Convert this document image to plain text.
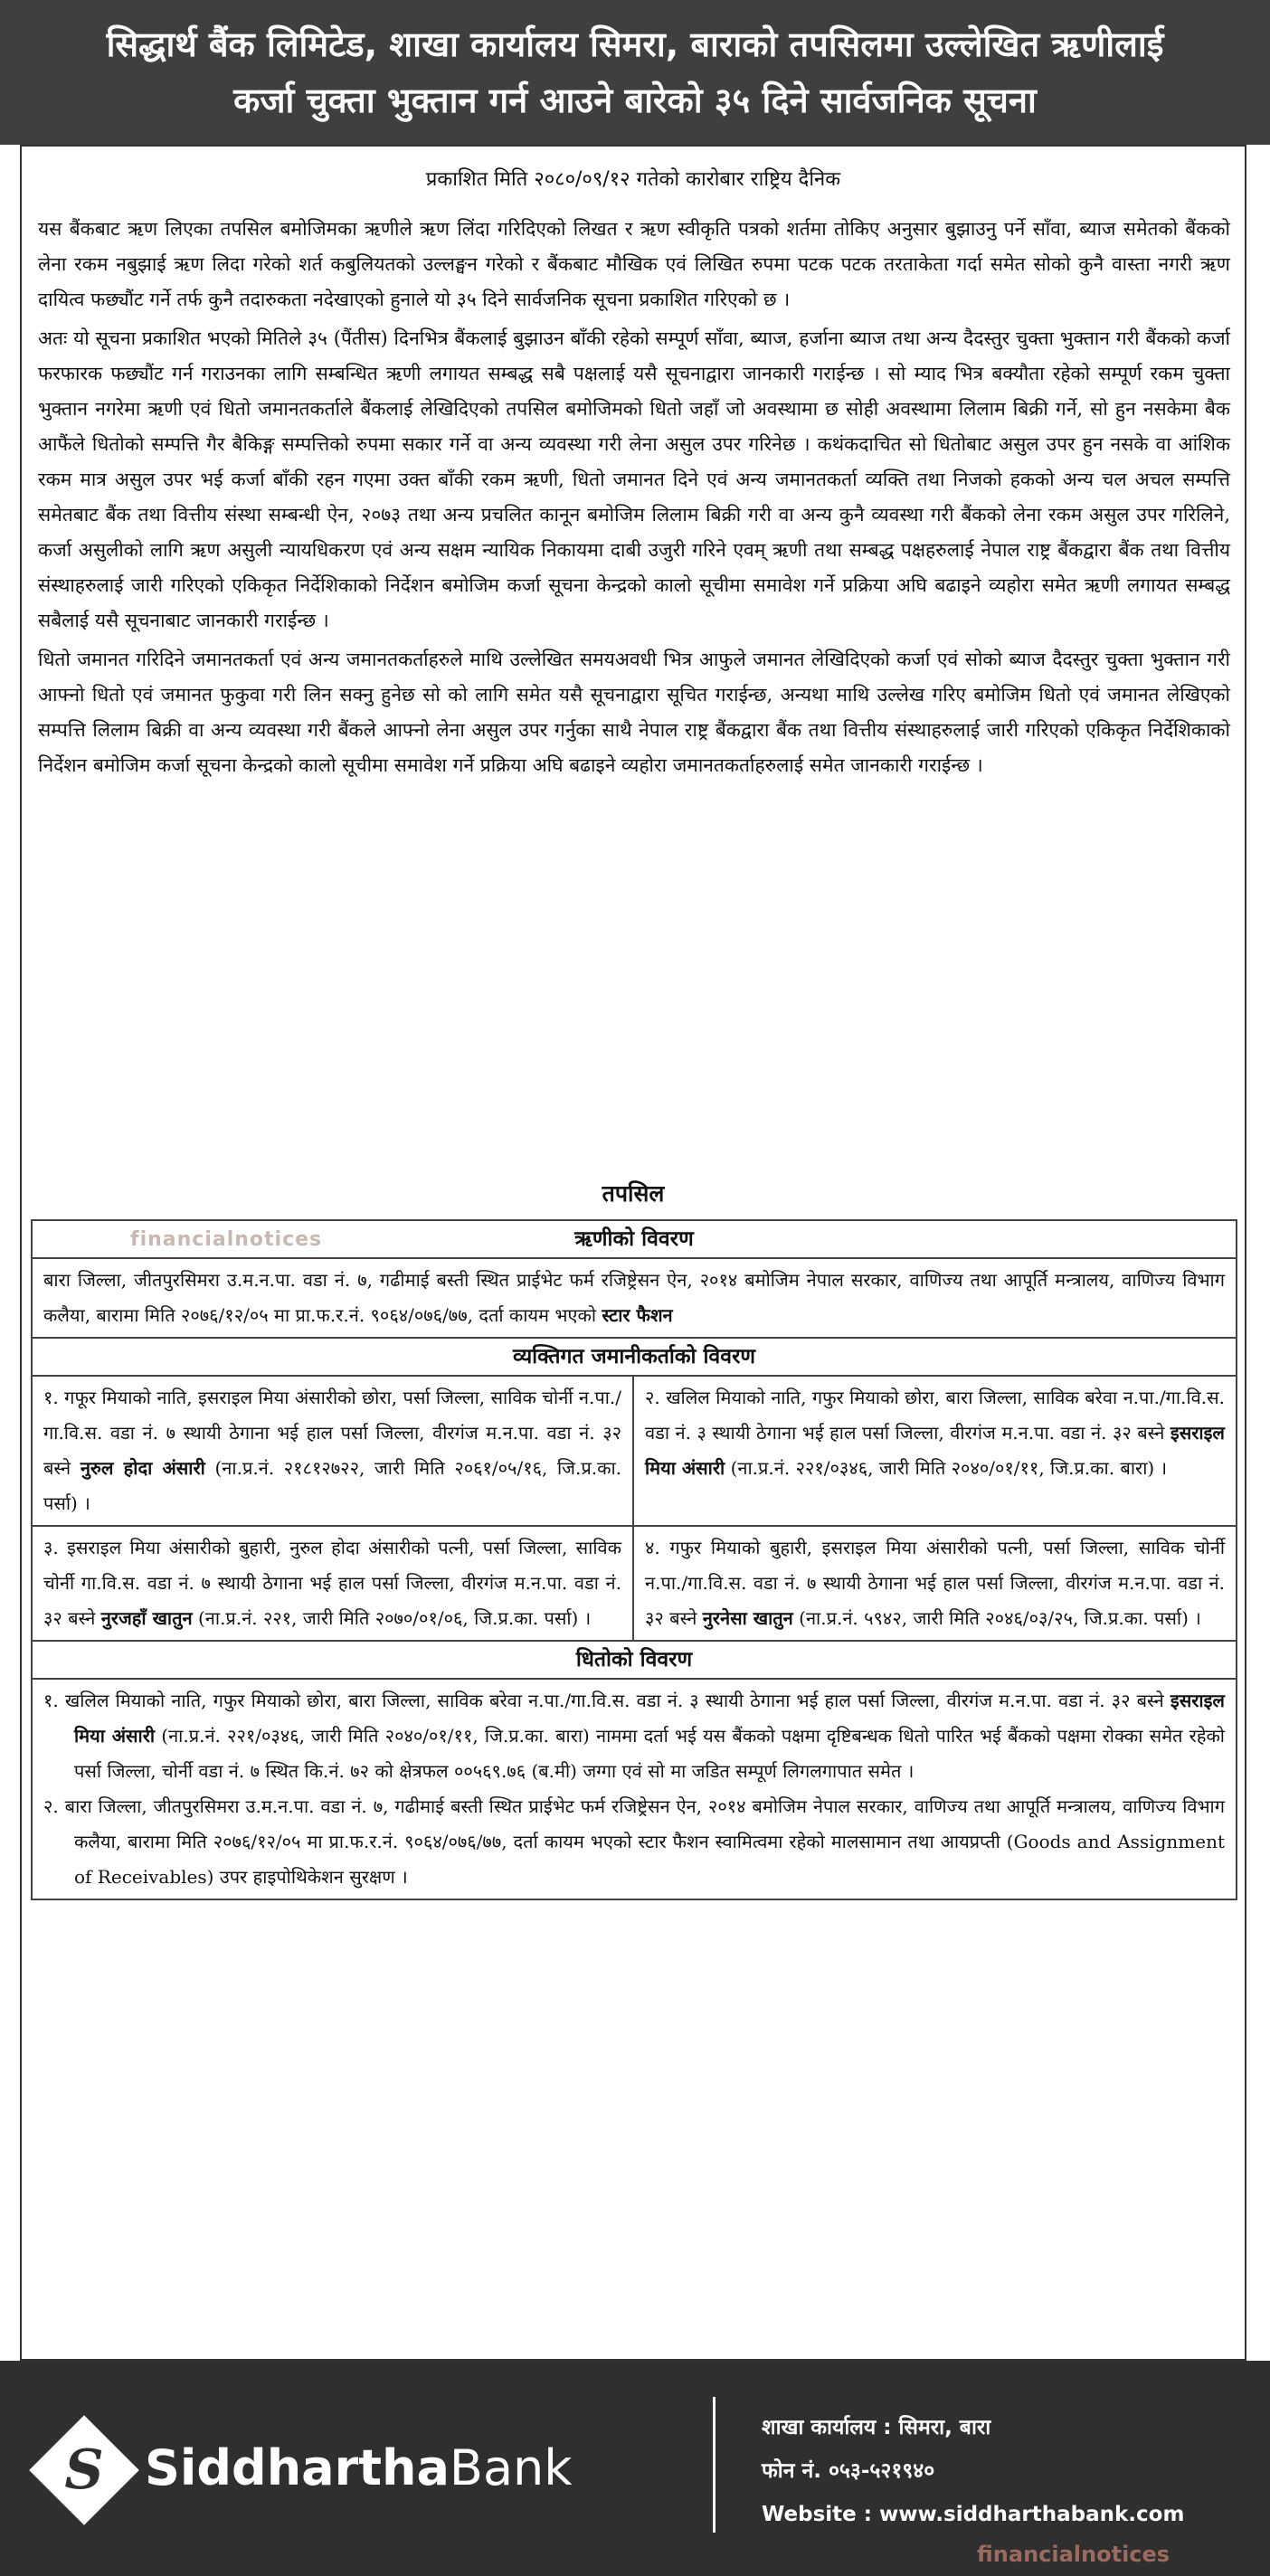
सिद्धार्थ बैंक लिमिटेड, शाखा कार्यालय सिमरा, बाराको तपसिलमा उल्लेखित ऋणीलाई
कर्जा चुक्ता भुक्तान गर्न आउने बारेको ३५ दिने सार्वजनिक सूचना
प्रकाशित मिति २०८०/०९/१२ गतेको कारोबार राष्ट्रिय दैनिक

यस बैंकबाट ऋण लिएका तपसिल बमोजिमका ऋणीले ऋण लिंदा गरिदिएको लिखत र ऋण स्वीकृति पत्रको शर्तमा तोकिए अनुसार बुझाउनु पर्ने साँवा, ब्याज समेतको बैंकको लेना रकम नबुझाई ऋण लिदा गरेको शर्त कबुलियतको उल्लङ्घन गरेको र बैंकबाट मौखिक एवं लिखित रुपमा पटक पटक तरताकेता गर्दा समेत सोको कुनै वास्ता नगरी ऋण दायित्व फछ्यौंट गर्ने तर्फ कुनै तदारुकता नदेखाएको हुनाले यो ३५ दिने सार्वजनिक सूचना प्रकाशित गरिएको छ ।

अतः यो सूचना प्रकाशित भएको मितिले ३५ (पैंतीस) दिनभित्र बैंकलाई बुझाउन बाँकी रहेको सम्पूर्ण साँवा, ब्याज, हर्जाना ब्याज तथा अन्य दैदस्तुर चुक्ता भुक्तान गरी बैंकको कर्जा फरफारक फछ्यौंट गर्न गराउनका लागि सम्बन्धित ऋणी लगायत सम्बद्ध सबै पक्षलाई यसै सूचनाद्वारा जानकारी गराईन्छ । सो म्याद भित्र बक्यौता रहेको सम्पूर्ण रकम चुक्ता भुक्तान नगरेमा ऋणी एवं धितो जमानतकर्ताले बैंकलाई लेखिदिएको तपसिल बमोजिमको धितो जहाँ जो अवस्थामा छ सोही अवस्थामा लिलाम बिक्री गर्ने, सो हुन नसकेमा बैक आफैंले धितोको सम्पत्ति गैर बैकिङ्ग सम्पत्तिको रुपमा सकार गर्ने वा अन्य व्यवस्था गरी लेना असुल उपर गरिनेछ । कथंकदाचित सो धितोबाट असुल उपर हुन नसके वा आंशिक रकम मात्र असुल उपर भई कर्जा बाँकी रहन गएमा उक्त बाँकी रकम ऋणी, धितो जमानत दिने एवं अन्य जमानतकर्ता व्यक्ति तथा निजको हकको अन्य चल अचल सम्पत्ति समेतबाट बैंक तथा वित्तीय संस्था सम्बन्धी ऐन, २०७३ तथा अन्य प्रचलित कानून बमोजिम लिलाम बिक्री गरी वा अन्य कुनै व्यवस्था गरी बैंकको लेना रकम असुल उपर गरिलिने, कर्जा असुलीको लागि ऋण असुली न्यायधिकरण एवं अन्य सक्षम न्यायिक निकायमा दाबी उजुरी गरिने एवम् ऋणी तथा सम्बद्ध पक्षहरुलाई नेपाल राष्ट्र बैंकद्वारा बैंक तथा वित्तीय संस्थाहरुलाई जारी गरिएको एकिकृत निर्देशिकाको निर्देशन बमोजिम कर्जा सूचना केन्द्रको कालो सूचीमा समावेश गर्ने प्रक्रिया अघि बढाइने व्यहोरा समेत ऋणी लगायत सम्बद्ध सबैलाई यसै सूचनाबाट जानकारी गराईन्छ ।

धितो जमानत गरिदिने जमानतकर्ता एवं अन्य जमानतकर्ताहरुले माथि उल्लेखित समयअवधी भित्र आफुले जमानत लेखिदिएको कर्जा एवं सोको ब्याज दैदस्तुर चुक्ता भुक्तान गरी आफ्नो धितो एवं जमानत फुकुवा गरी लिन सक्नु हुनेछ सो को लागि समेत यसै सूचनाद्वारा सूचित गराईन्छ, अन्यथा माथि उल्लेख गरिए बमोजिम धितो एवं जमानत लेखिएको सम्पत्ति लिलाम बिक्री वा अन्य व्यवस्था गरी बैंकले आफ्नो लेना असुल उपर गर्नुका साथै नेपाल राष्ट्र बैंकद्वारा बैंक तथा वित्तीय संस्थाहरुलाई जारी गरिएको एकिकृत निर्देशिकाको निर्देशन बमोजिम कर्जा सूचना केन्द्रको कालो सूचीमा समावेश गर्ने प्रक्रिया अघि बढाइने व्यहोरा जमानतकर्ताहरुलाई समेत जानकारी गराईन्छ ।

तपसिल
ऋणीको विवरण
बारा जिल्ला, जीतपुरसिमरा उ.म.न.पा. वडा नं. ७, गढीमाई बस्ती स्थित प्राईभेट फर्म रजिष्ट्रेसन ऐन, २०१४ बमोजिम नेपाल सरकार, वाणिज्य तथा आपूर्ति मन्त्रालय, वाणिज्य विभाग कलैया, बारामा मिति २०७६/१२/०५ मा प्रा.फ.र.नं. ९०६४/०७६/७७, दर्ता कायम भएको स्टार फैशन
व्यक्तिगत जमानीकर्ताको विवरण
१. गफूर मियाको नाति, इसराइल मिया अंसारीको छोरा, पर्सा जिल्ला, साविक चोर्नी न.पा./गा.वि.स. वडा नं. ७ स्थायी ठेगाना भई हाल पर्सा जिल्ला, वीरगंज म.न.पा. वडा नं. ३२ बस्ने नुरुल होदा अंसारी (ना.प्र.नं. २१८१२७२२, जारी मिति २०६१/०५/१६, जि.प्र.का. पर्सा) ।
२. खलिल मियाको नाति, गफुर मियाको छोरा, बारा जिल्ला, साविक बरेवा न.पा./गा.वि.स. वडा नं. ३ स्थायी ठेगाना भई हाल पर्सा जिल्ला, वीरगंज म.न.पा. वडा नं. ३२ बस्ने इसराइल मिया अंसारी (ना.प्र.नं. २२१/०३४६, जारी मिति २०४०/०१/११, जि.प्र.का. बारा) ।
३. इसराइल मिया अंसारीको बुहारी, नुरुल होदा अंसारीको पत्नी, पर्सा जिल्ला, साविक चोर्नी गा.वि.स. वडा नं. ७ स्थायी ठेगाना भई हाल पर्सा जिल्ला, वीरगंज म.न.पा. वडा नं. ३२ बस्ने नुरजहाँ खातुन (ना.प्र.नं. २२१, जारी मिति २०७०/०१/०६, जि.प्र.का. पर्सा) ।
४. गफुर मियाको बुहारी, इसराइल मिया अंसारीको पत्नी, पर्सा जिल्ला, साविक चोर्नी न.पा./गा.वि.स. वडा नं. ७ स्थायी ठेगाना भई हाल पर्सा जिल्ला, वीरगंज म.न.पा. वडा नं. ३२ बस्ने नुरनेसा खातुन (ना.प्र.नं. ५९४२, जारी मिति २०४६/०३/२५, जि.प्र.का. पर्सा) ।
धितोको विवरण

१. खलिल मियाको नाति, गफुर मियाको छोरा, बारा जिल्ला, साविक बरेवा न.पा./गा.वि.स. वडा नं. ३ स्थायी ठेगाना भई हाल पर्सा जिल्ला, वीरगंज म.न.पा. वडा नं. ३२ बस्ने इसराइल मिया अंसारी (ना.प्र.नं. २२१/०३४६, जारी मिति २०४०/०१/११, जि.प्र.का. बारा) नाममा दर्ता भई यस बैंकको पक्षमा दृष्टिबन्धक धितो पारित भई बैंकको पक्षमा रोक्का समेत रहेको पर्सा जिल्ला, चोर्नी वडा नं. ७ स्थित कि.नं. ७२ को क्षेत्रफल ००५६९.७६ (ब.मी) जग्गा एवं सो मा जडित सम्पूर्ण लिगलगापात समेत ।

२. बारा जिल्ला, जीतपुरसिमरा उ.म.न.पा. वडा नं. ७, गढीमाई बस्ती स्थित प्राईभेट फर्म रजिष्ट्रेसन ऐन, २०१४ बमोजिम नेपाल सरकार, वाणिज्य तथा आपूर्ति मन्त्रालय, वाणिज्य विभाग कलैया, बारामा मिति २०७६/१२/०५ मा प्रा.फ.र.नं. ९०६४/०७६/७७, दर्ता कायम भएको स्टार फैशन स्वामित्वमा रहेको मालसामान तथा आयप्रप्ती (Goods and Assignment of Receivables) उपर हाइपोथिकेशन सुरक्षण ।

financialnotices
S SiddharthaBank
शाखा कार्यालय : सिमरा, बारा
फोन नं. ०५३-५२१९४०
Website : www.siddharthabank.com
financialnotices
